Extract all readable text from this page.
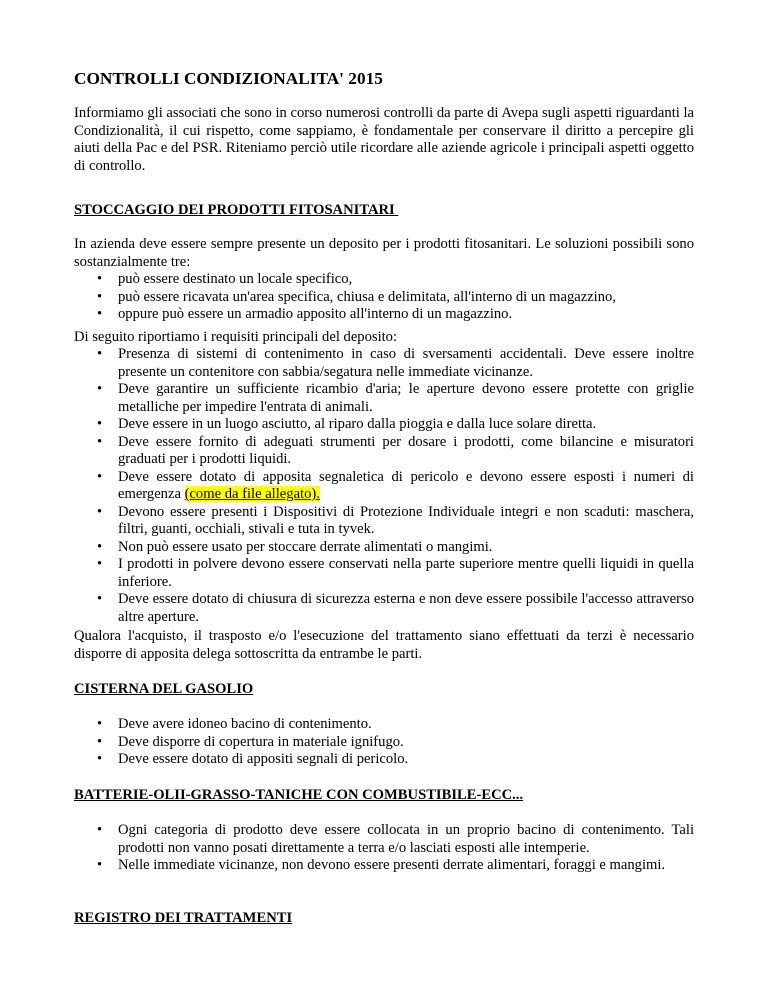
CONTROLLI CONDIZIONALITA' 2015

Informiamo gli associati che sono in corso numerosi controlli da parte di Avepa sugli aspetti riguardanti la Condizionalità, il cui rispetto, come sappiamo, è fondamentale per conservare il diritto a percepire gli aiuti della Pac e del PSR. Riteniamo perciò utile ricordare alle aziende agricole i principali aspetti oggetto di controllo.

STOCCAGGIO DEI PRODOTTI FITOSANITARI

In azienda deve essere sempre presente un deposito per i prodotti fitosanitari. Le soluzioni possibili sono sostanzialmente tre:

• può essere destinato un locale specifico,
• può essere ricavata un'area specifica, chiusa e delimitata, all'interno di un magazzino,
• oppure può essere un armadio apposito all'interno di un magazzino.

Di seguito riportiamo i requisiti principali del deposito:

• Presenza di sistemi di contenimento in caso di sversamenti accidentali. Deve essere inoltre presente un contenitore con sabbia/segatura nelle immediate vicinanze.
• Deve garantire un sufficiente ricambio d'aria; le aperture devono essere protette con griglie metalliche per impedire l'entrata di animali.
• Deve essere in un luogo asciutto, al riparo dalla pioggia e dalla luce solare diretta.
• Deve essere fornito di adeguati strumenti per dosare i prodotti, come bilancine e misuratori graduati per i prodotti liquidi.
• Deve essere dotato di apposita segnaletica di pericolo e devono essere esposti i numeri di emergenza (come da file allegato).
• Devono essere presenti i Dispositivi di Protezione Individuale integri e non scaduti: maschera, filtri, guanti, occhiali, stivali e tuta in tyvek.
• Non può essere usato per stoccare derrate alimentati o mangimi.
• I prodotti in polvere devono essere conservati nella parte superiore mentre quelli liquidi in quella inferiore.
• Deve essere dotato di chiusura di sicurezza esterna e non deve essere possibile l'accesso attraverso altre aperture.

Qualora l'acquisto, il trasposto e/o l'esecuzione del trattamento siano effettuati da terzi è necessario disporre di apposita delega sottoscritta da entrambe le parti.

CISTERNA DEL GASOLIO
• Deve avere idoneo bacino di contenimento.
• Deve disporre di copertura in materiale ignifugo.
• Deve essere dotato di appositi segnali di pericolo.
BATTERIE-OLII-GRASSO-TANICHE CON COMBUSTIBILE-ECC...
• Ogni categoria di prodotto deve essere collocata in un proprio bacino di contenimento. Tali prodotti non vanno posati direttamente a terra e/o lasciati esposti alle intemperie.
• Nelle immediate vicinanze, non devono essere presenti derrate alimentari, foraggi e mangimi.
REGISTRO DEI TRATTAMENTI
